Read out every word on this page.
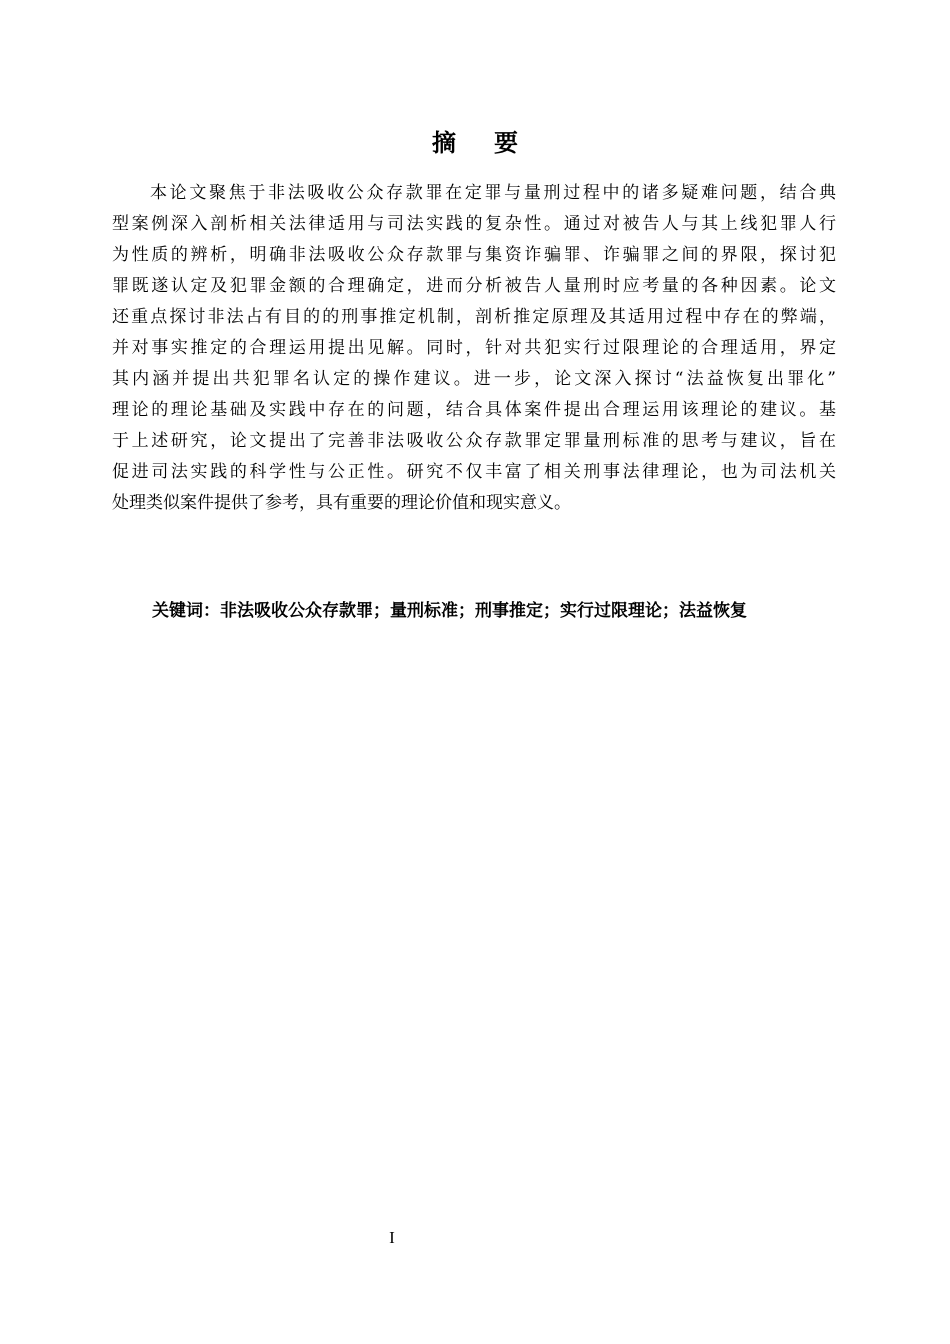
摘要
本论文聚焦于非法吸收公众存款罪在定罪与量刑过程中的诸多疑难问题，结合典
型案例深入剖析相关法律适用与司法实践的复杂性。通过对被告人与其上线犯罪人行
为性质的辨析，明确非法吸收公众存款罪与集资诈骗罪、诈骗罪之间的界限，探讨犯
罪既遂认定及犯罪金额的合理确定，进而分析被告人量刑时应考量的各种因素。论文
还重点探讨非法占有目的的刑事推定机制，剖析推定原理及其适用过程中存在的弊端，
并对事实推定的合理运用提出见解。同时，针对共犯实行过限理论的合理适用，界定
其内涵并提出共犯罪名认定的操作建议。进一步，论文深入探讨“法益恢复出罪化”
理论的理论基础及实践中存在的问题，结合具体案件提出合理运用该理论的建议。基
于上述研究，论文提出了完善非法吸收公众存款罪定罪量刑标准的思考与建议，旨在
促进司法实践的科学性与公正性。研究不仅丰富了相关刑事法律理论，也为司法机关
处理类似案件提供了参考，具有重要的理论价值和现实意义。
关键词：非法吸收公众存款罪；量刑标准；刑事推定；实行过限理论；法益恢复
I
